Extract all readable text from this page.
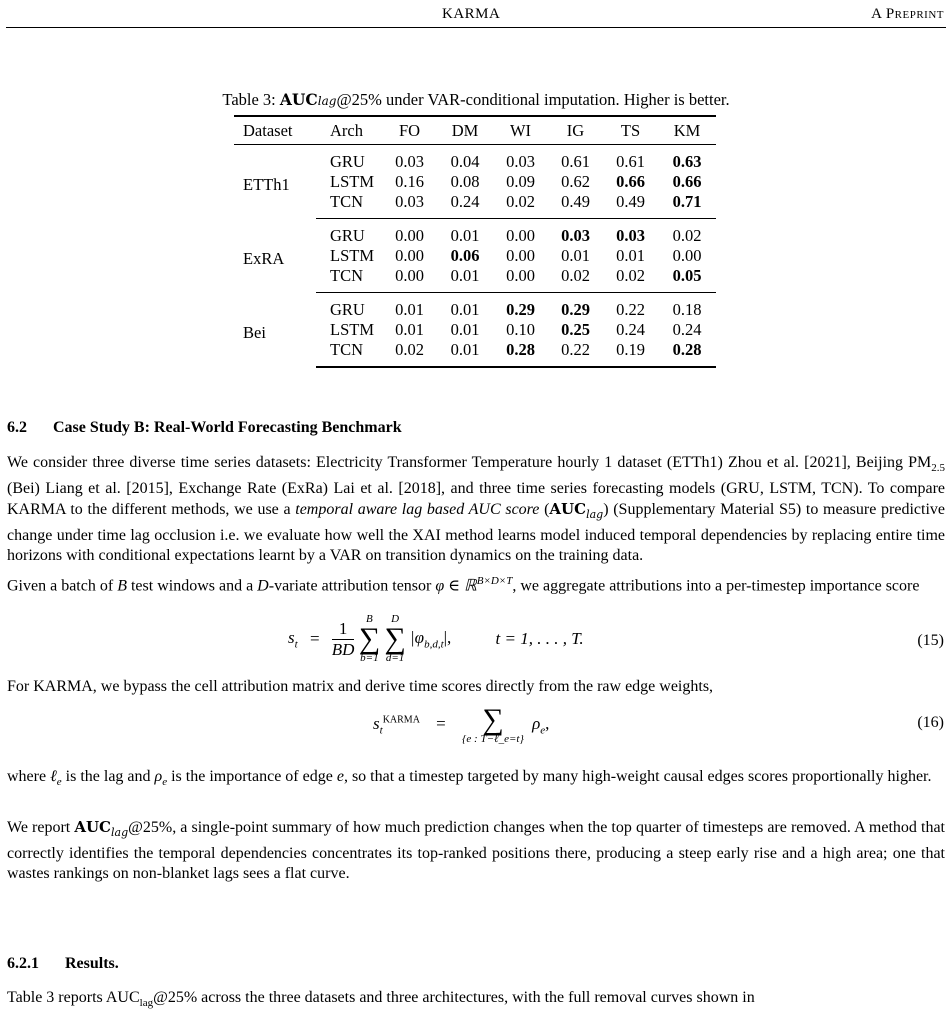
KARMA	A Preprint
Table 3: AUClag@25% under VAR-conditional imputation. Higher is better.
Dataset	Arch	FO	DM	WI	IG	TS	KM
ETTh1	GRU	0.03	0.04	0.03	0.61	0.61	0.63
	LSTM	0.16	0.08	0.09	0.62	0.66	0.66
	TCN	0.03	0.24	0.02	0.49	0.49	0.71
ExRA	GRU	0.00	0.01	0.00	0.03	0.03	0.02
	LSTM	0.00	0.06	0.00	0.01	0.01	0.00
	TCN	0.00	0.01	0.00	0.02	0.02	0.05
Bei	GRU	0.01	0.01	0.29	0.29	0.22	0.18
	LSTM	0.01	0.01	0.10	0.25	0.24	0.24
	TCN	0.02	0.01	0.28	0.22	0.19	0.28
6.2 Case Study B: Real-World Forecasting Benchmark
We consider three diverse time series datasets: Electricity Transformer Temperature hourly 1 dataset (ETTh1) Zhou et al. [2021], Beijing $PM_{2.5}$ (Bei) Liang et al. [2015], Exchange Rate (ExRa) Lai et al. [2018], and three time series forecasting models (GRU, LSTM, TCN). To compare KARMA to the different methods, we use a temporal aware lag based AUC score $(AUC_{lag})$ (Supplementary Material S5) to measure predictive change under time lag occlusion i.e. we evaluate how well the XAI method learns model induced temporal dependencies by replacing entire time horizons with conditional expectations learnt by a VAR on transition dynamics on the training data.
Given a batch of B test windows and a D-variate attribution tensor φ ∈ ℝ$^{B\times D\times T}$, we aggregate attributions into a per-timestep importance score
$s_t = \frac{1}{BD}$
	B
∑
b=1

D
∑
d=1
$|\varphi_{b,d,t}|$,	t = 1, . . . , T.	(15)
For KARMA, we bypass the cell attribution matrix and derive time scores directly from the raw edge weights,
$s_t^{KARMA}$ =	∑
{e : T−ℓ_e=t}
$\rho_e$,	(16)
where ℓ$_e$ is the lag and $\rho_e$ is the importance of edge e, so that a timestep targeted by many high-weight causal edges scores proportionally higher.
We report $AUC_{lag}@25\%$, a single-point summary of how much prediction changes when the top quarter of timesteps are removed. A method that correctly identifies the temporal dependencies concentrates its top-ranked positions there, producing a steep early rise and a high area; one that wastes rankings on non-blanket lags sees a flat curve.
6.2.1 Results.
Table 3 reports $AUC_{lag}@25\%$ across the three datasets and three architectures, with the full removal curves shown in
